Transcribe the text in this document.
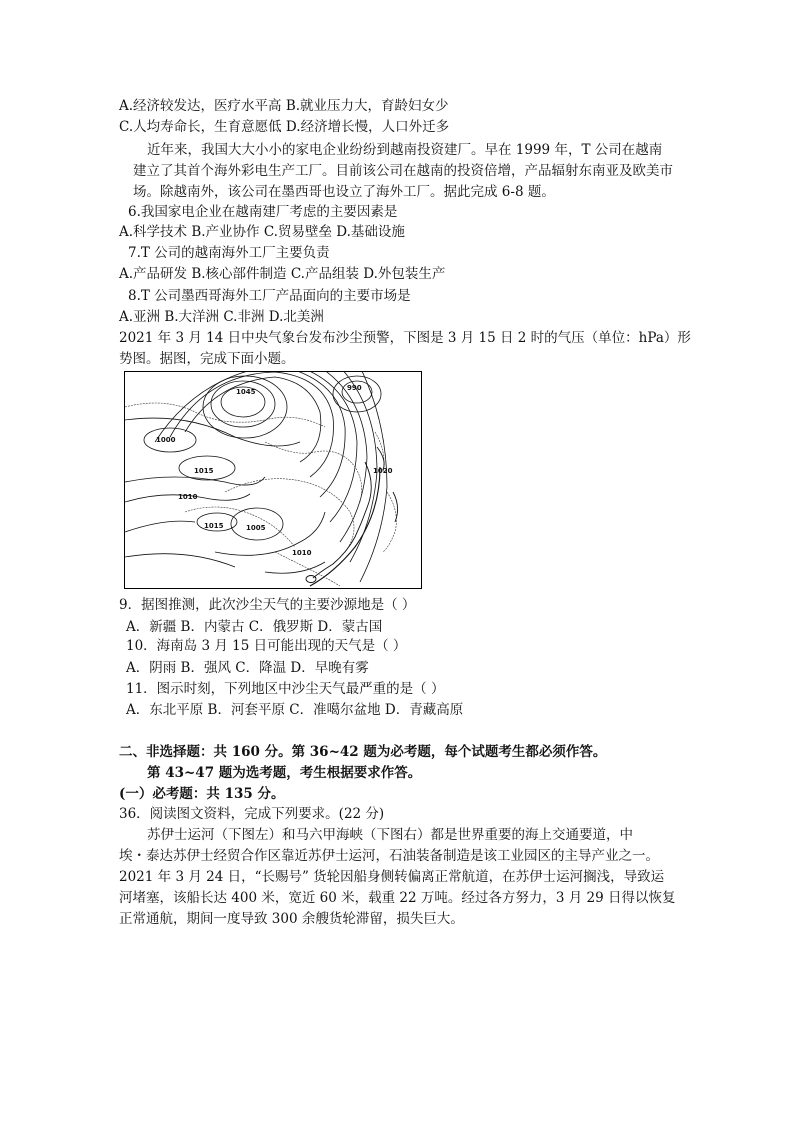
A.经济较发达，医疗水平高 B.就业压力大，育龄妇女少
C.人均寿命长，生育意愿低 D.经济增长慢，人口外迁多
近年来，我国大大小小的家电企业纷纷到越南投资建厂。早在 1999 年，T 公司在越南
建立了其首个海外彩电生产工厂。目前该公司在越南的投资倍增，产品辐射东南亚及欧美市
场。除越南外，该公司在墨西哥也设立了海外工厂。据此完成 6-8 题。
6.我国家电企业在越南建厂考虑的主要因素是
A.科学技术 B.产业协作 C.贸易壁垒 D.基础设施
7.T 公司的越南海外工厂主要负责
A.产品研发 B.核心部件制造 C.产品组装 D.外包装生产
8.T 公司墨西哥海外工厂产品面向的主要市场是
A.亚洲 B.大洋洲 C.非洲 D.北美洲
2021 年 3 月 14 日中央气象台发布沙尘预警，下图是 3 月 15 日 2 时的气压（单位：hPa）形
势图。据图，完成下面小题。
1045	990
1000
1015
1010
1015	1005
1010
1020
9．据图推测，此次沙尘天气的主要沙源地是（ ）
A．新疆 B．内蒙古 C．俄罗斯 D．蒙古国
10．海南岛 3 月 15 日可能出现的天气是（ ）
A．阴雨 B．强风 C．降温 D．早晚有雾
11．图示时刻，下列地区中沙尘天气最严重的是（ ）
A．东北平原 B．河套平原 C．准噶尔盆地 D．青藏高原
二、非选择题：共 160 分。第 36~42 题为必考题，每个试题考生都必须作答。
第 43~47 题为选考题，考生根据要求作答。
(一）必考题：共 135 分。
36．阅读图文资料，完成下列要求。(22 分)
苏伊士运河（下图左）和马六甲海峡（下图右）都是世界重要的海上交通要道，中
埃・泰达苏伊士经贸合作区靠近苏伊士运河，石油装备制造是该工业园区的主导产业之一。
2021 年 3 月 24 日，“长赐号” 货轮因船身侧转偏离正常航道，在苏伊士运河搁浅，导致运
河堵塞，该船长达 400 米，宽近 60 米，载重 22 万吨。经过各方努力，3 月 29 日得以恢复
正常通航，期间一度导致 300 余艘货轮滞留，损失巨大。
